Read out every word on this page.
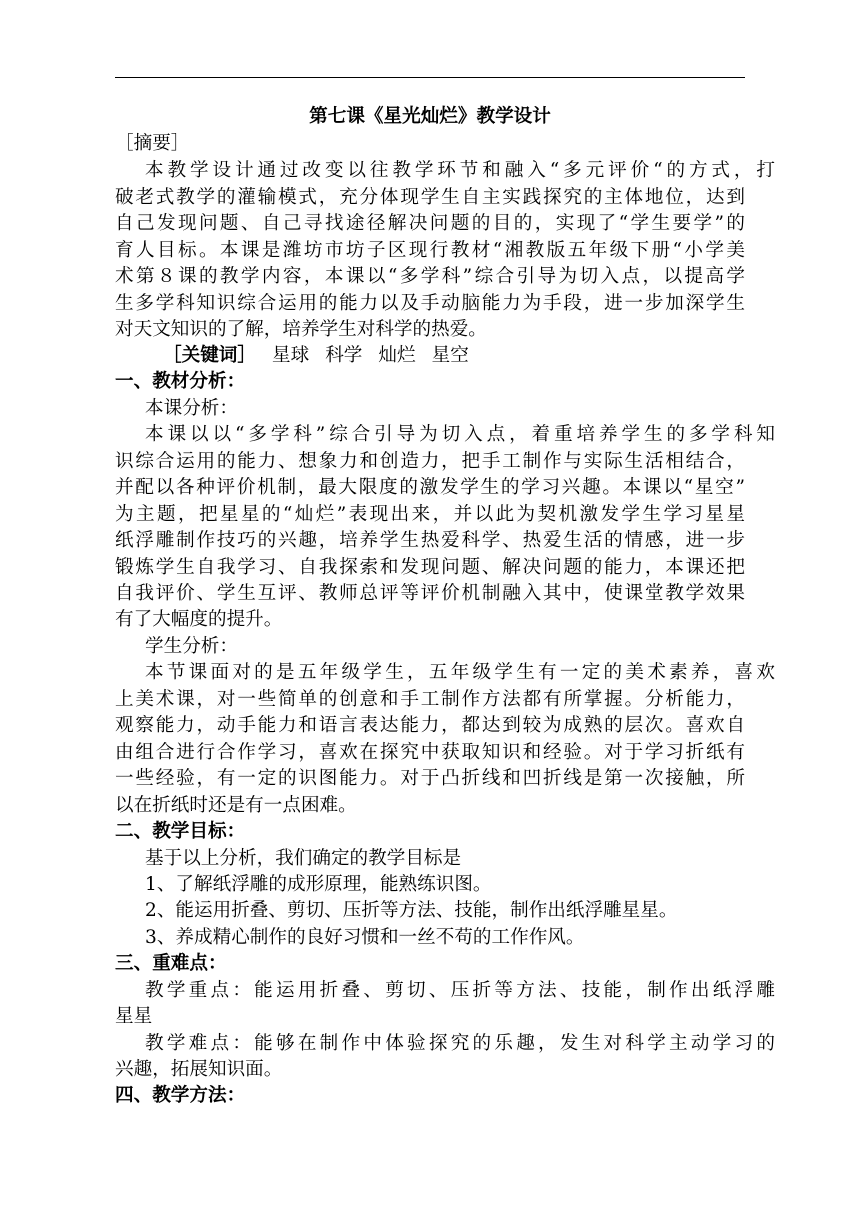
第七课《星光灿烂》教学设计
［摘要］
本教学设计通过改变以往教学环节和融入“多元评价“的方式，打
破老式教学的灌输模式，充分体现学生自主实践探究的主体地位，达到
自己发现问题、自己寻找途径解决问题的目的，实现了“学生要学”的
育人目标。本课是潍坊市坊子区现行教材“湘教版五年级下册“小学美
术第８课的教学内容，本课以“多学科”综合引导为切入点，以提高学
生多学科知识综合运用的能力以及手动脑能力为手段，进一步加深学生
对天文知识的了解，培养学生对科学的热爱。
［关键词］ 星球 科学 灿烂 星空
一、教材分析：
本课分析：
本课以以“多学科”综合引导为切入点，着重培养学生的多学科知
识综合运用的能力、想象力和创造力，把手工制作与实际生活相结合，
并配以各种评价机制，最大限度的激发学生的学习兴趣。本课以“星空”
为主题，把星星的“灿烂”表现出来，并以此为契机激发学生学习星星
纸浮雕制作技巧的兴趣，培养学生热爱科学、热爱生活的情感，进一步
锻炼学生自我学习、自我探索和发现问题、解决问题的能力，本课还把
自我评价、学生互评、教师总评等评价机制融入其中，使课堂教学效果
有了大幅度的提升。
学生分析：
本节课面对的是五年级学生，五年级学生有一定的美术素养，喜欢
上美术课，对一些简单的创意和手工制作方法都有所掌握。分析能力，
观察能力，动手能力和语言表达能力，都达到较为成熟的层次。喜欢自
由组合进行合作学习，喜欢在探究中获取知识和经验。对于学习折纸有
一些经验，有一定的识图能力。对于凸折线和凹折线是第一次接触，所
以在折纸时还是有一点困难。
二、教学目标：
基于以上分析，我们确定的教学目标是
1、了解纸浮雕的成形原理，能熟练识图。
2、能运用折叠、剪切、压折等方法、技能，制作出纸浮雕星星。
3、养成精心制作的良好习惯和一丝不苟的工作作风。
三、重难点：
教学重点：能运用折叠、剪切、压折等方法、技能，制作出纸浮雕
星星
教学难点：能够在制作中体验探究的乐趣，发生对科学主动学习的
兴趣，拓展知识面。
四、教学方法：
